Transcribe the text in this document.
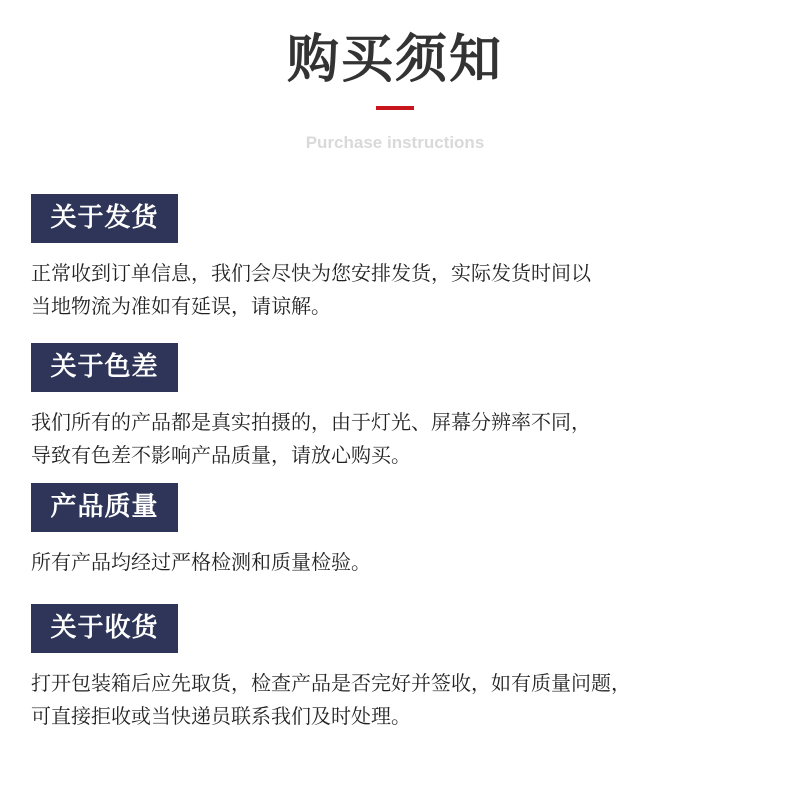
购买须知
Purchase instructions
关于发货
正常收到订单信息，我们会尽快为您安排发货，实际发货时间以
当地物流为准如有延误，请谅解。
关于色差
我们所有的产品都是真实拍摄的，由于灯光、屏幕分辨率不同，
导致有色差不影响产品质量，请放心购买。
产品质量
所有产品均经过严格检测和质量检验。
关于收货
打开包装箱后应先取货，检查产品是否完好并签收，如有质量问题，
可直接拒收或当快递员联系我们及时处理。
